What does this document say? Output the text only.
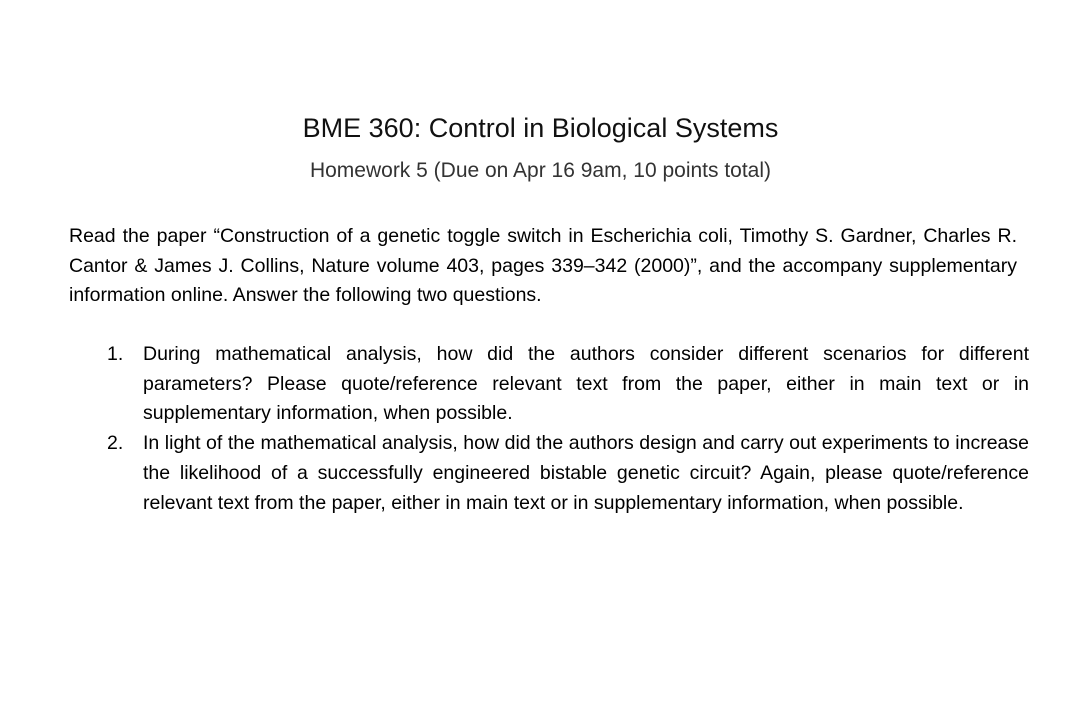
BME 360: Control in Biological Systems
Homework 5 (Due on Apr 16 9am, 10 points total)

Read the paper “Construction of a genetic toggle switch in Escherichia coli, Timothy S. Gardner, Charles R. Cantor & James J. Collins, Nature volume 403, pages 339–342 (2000)”, and the accompany supplementary information online. Answer the following two questions.

1. During mathematical analysis, how did the authors consider different scenarios for different parameters? Please quote/reference relevant text from the paper, either in main text or in supplementary information, when possible.
2. In light of the mathematical analysis, how did the authors design and carry out experiments to increase the likelihood of a successfully engineered bistable genetic circuit? Again, please quote/reference relevant text from the paper, either in main text or in supplementary information, when possible.
